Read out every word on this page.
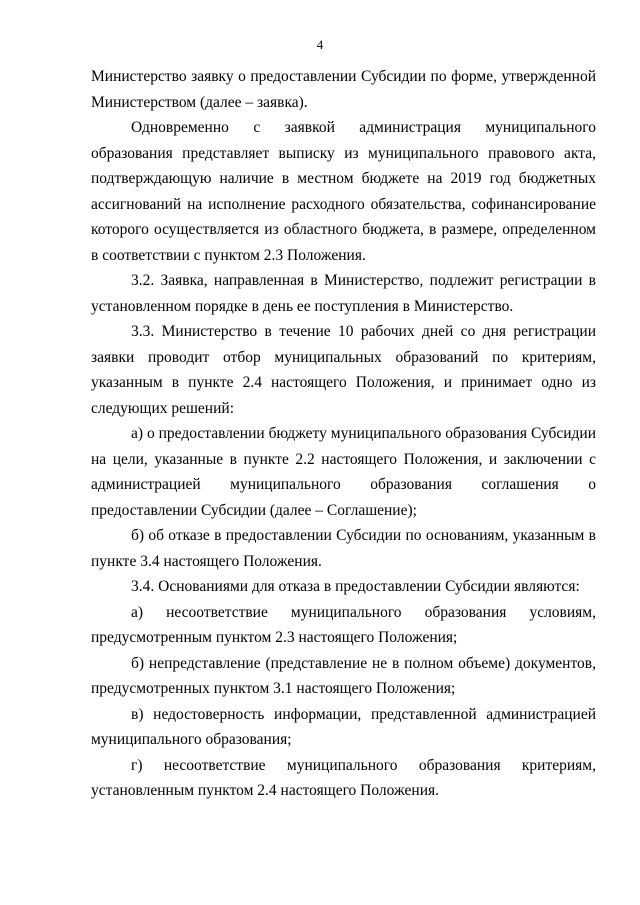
4

Министерство заявку о предоставлении Субсидии по форме, утвержденной Министерством (далее – заявка).

Одновременно с заявкой администрация муниципального образования представляет выписку из муниципального правового акта, подтверждающую наличие в местном бюджете на 2019 год бюджетных ассигнований на исполнение расходного обязательства, софинансирование которого осуществляется из областного бюджета, в размере, определенном в соответствии с пунктом 2.3 Положения.

3.2. Заявка, направленная в Министерство, подлежит регистрации в установленном порядке в день ее поступления в Министерство.

3.3. Министерство в течение 10 рабочих дней со дня регистрации заявки проводит отбор муниципальных образований по критериям, указанным в пункте 2.4 настоящего Положения, и принимает одно из следующих решений:

а) о предоставлении бюджету муниципального образования Субсидии на цели, указанные в пункте 2.2 настоящего Положения, и заключении с администрацией муниципального образования соглашения о предоставлении Субсидии (далее – Соглашение);

б) об отказе в предоставлении Субсидии по основаниям, указанным в пункте 3.4 настоящего Положения.

3.4. Основаниями для отказа в предоставлении Субсидии являются:

а) несоответствие муниципального образования условиям, предусмотренным пунктом 2.3 настоящего Положения;

б) непредставление (представление не в полном объеме) документов, предусмотренных пунктом 3.1 настоящего Положения;

в) недостоверность информации, представленной администрацией муниципального образования;

г) несоответствие муниципального образования критериям, установленным пунктом 2.4 настоящего Положения.
